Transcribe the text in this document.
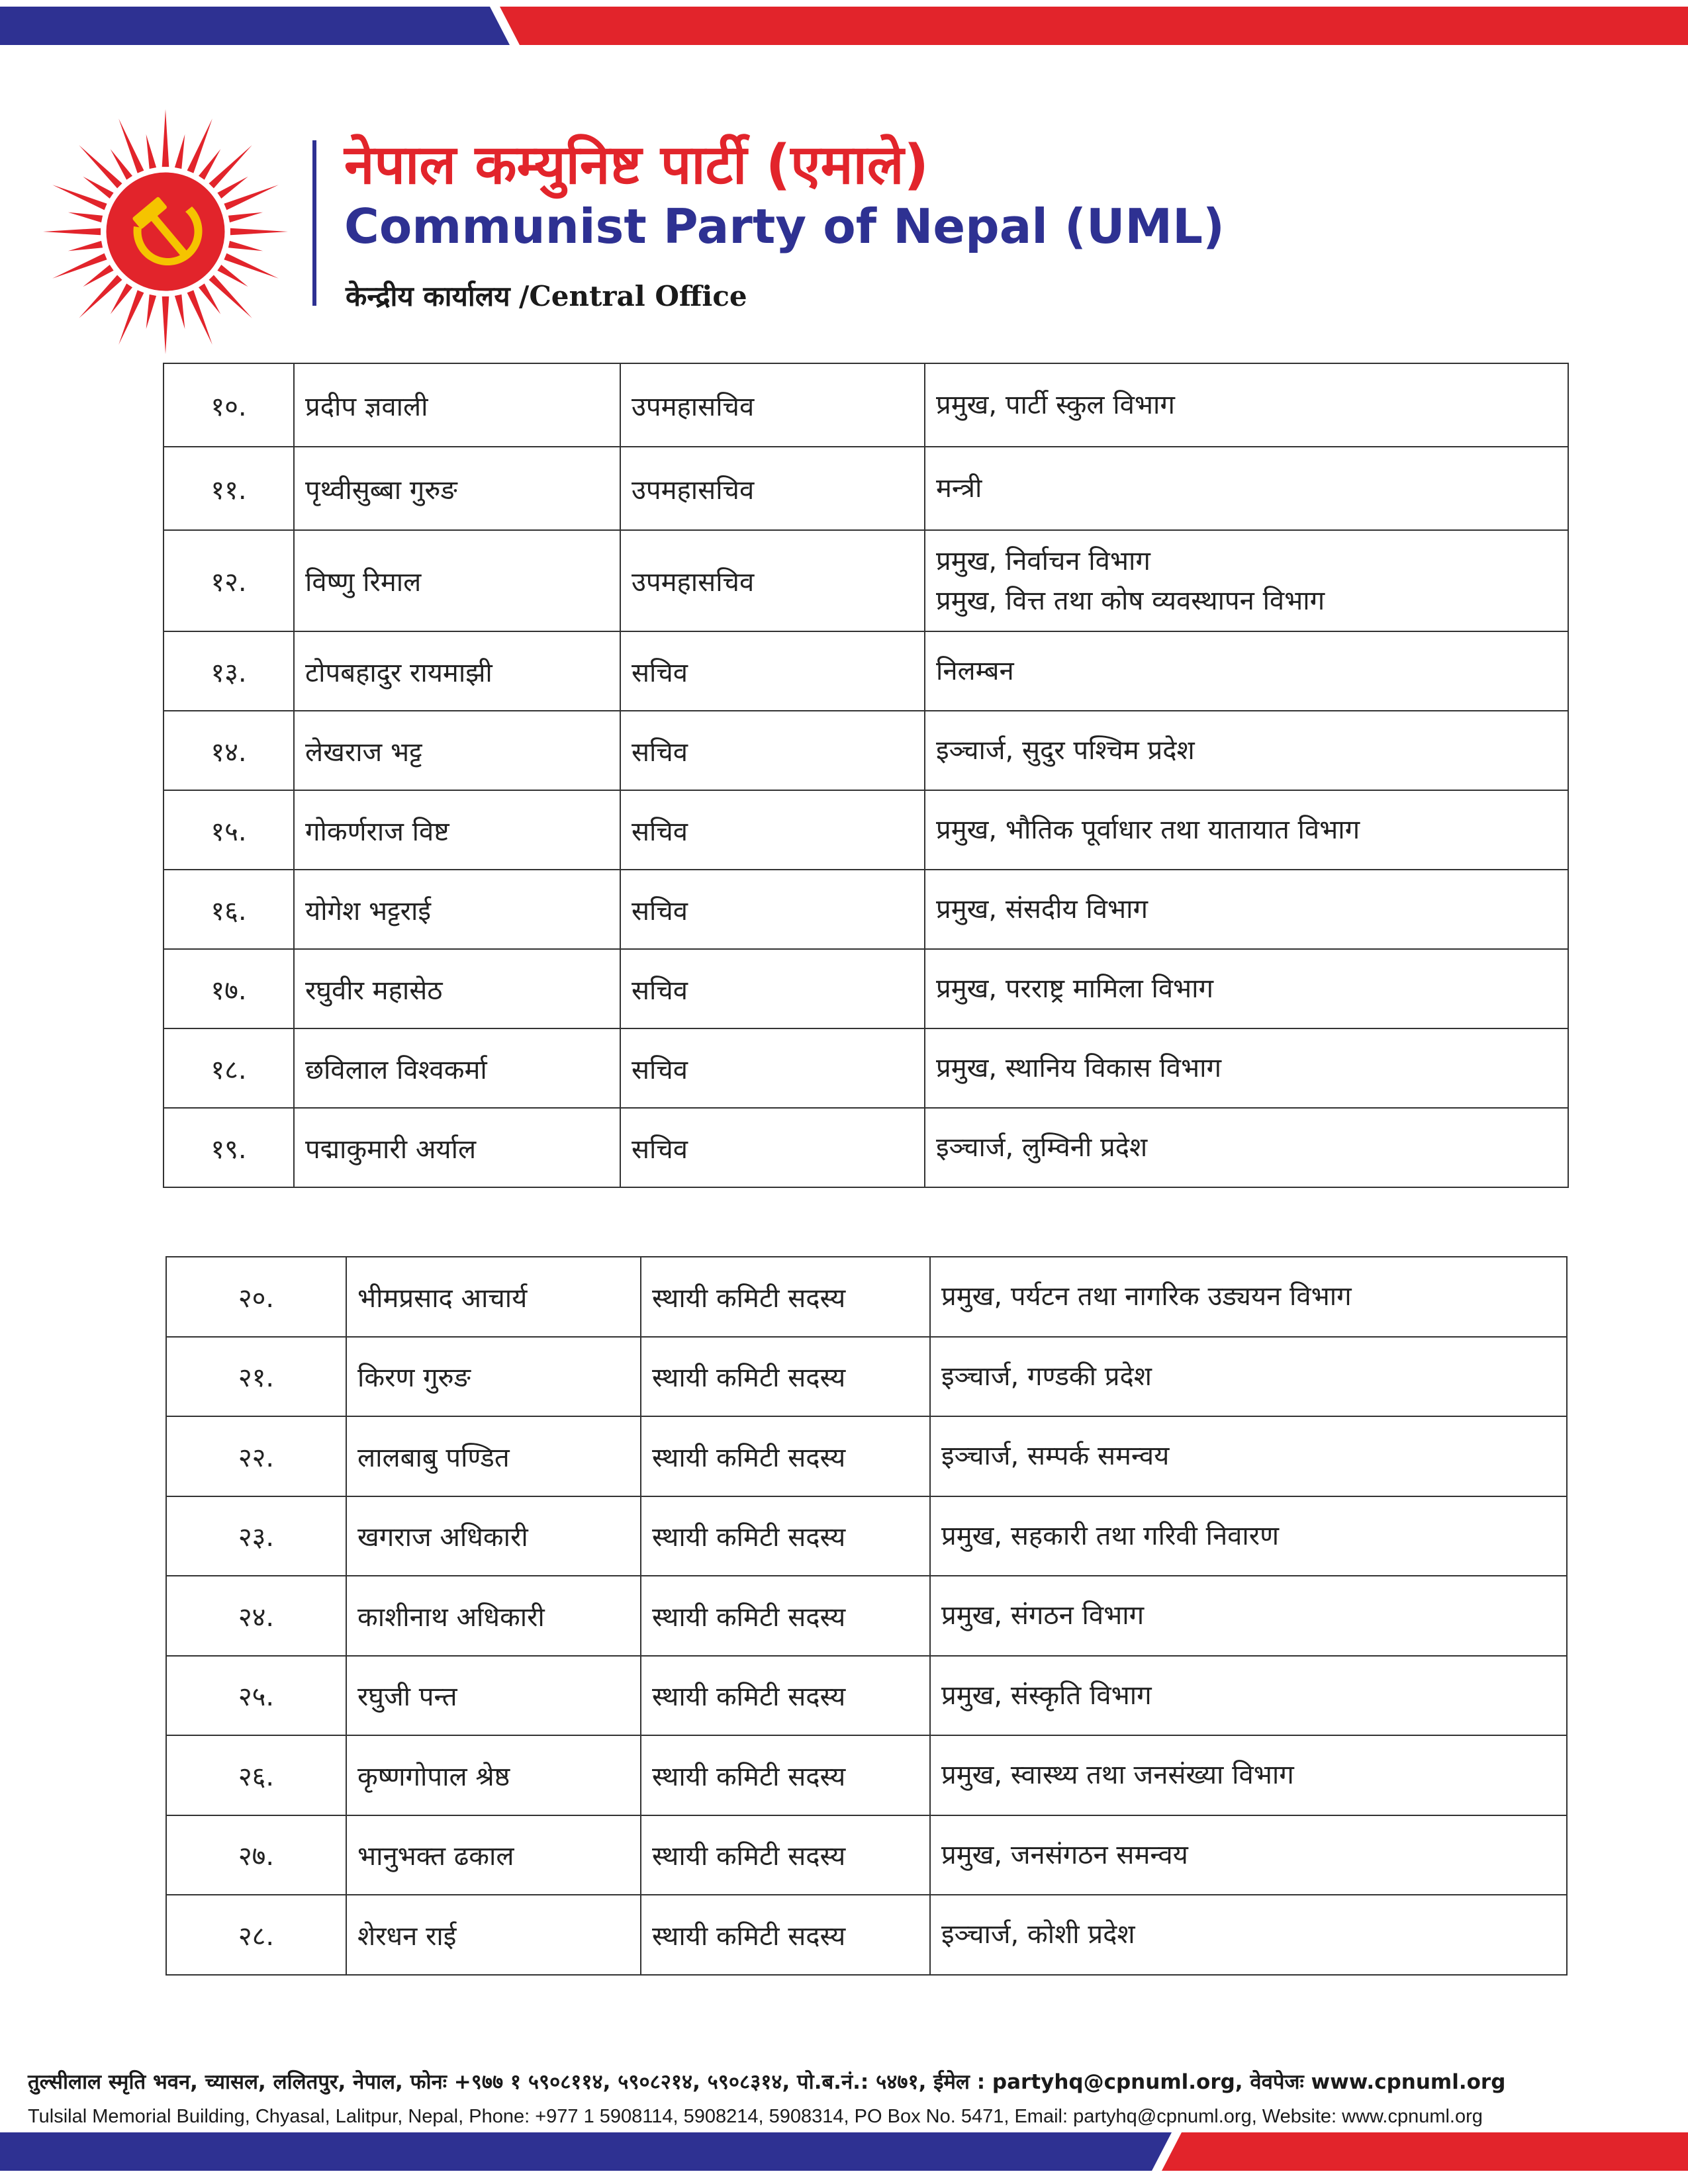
नेपाल कम्युनिष्ट पार्टी (एमाले)
Communist Party of Nepal (UML)
केन्द्रीय कार्यालय /Central Office
१०.	प्रदीप ज्ञवाली	उपमहासचिव	प्रमुख, पार्टी स्कुल विभाग

११.	पृथ्वीसुब्बा गुरुङ	उपमहासचिव	मन्त्री

१२.	विष्णु रिमाल	उपमहासचिव	प्रमुख, निर्वाचन विभाग
प्रमुख, वित्त तथा कोष व्यवस्थापन विभाग

१३.	टोपबहादुर रायमाझी	सचिव	निलम्बन

१४.	लेखराज भट्ट	सचिव	इञ्चार्ज, सुदुर पश्चिम प्रदेश

१५.	गोकर्णराज विष्ट	सचिव	प्रमुख, भौतिक पूर्वाधार तथा यातायात विभाग

१६.	योगेश भट्टराई	सचिव	प्रमुख, संसदीय विभाग

१७.	रघुवीर महासेठ	सचिव	प्रमुख, परराष्ट्र मामिला विभाग

१८.	छविलाल विश्वकर्मा	सचिव	प्रमुख, स्थानिय विकास विभाग

१९.	पद्माकुमारी अर्याल	सचिव	इञ्चार्ज, लुम्विनी प्रदेश
२०.	भीमप्रसाद आचार्य	स्थायी कमिटी सदस्य	प्रमुख, पर्यटन तथा नागरिक उड्ययन विभाग

२१.	किरण गुरुङ	स्थायी कमिटी सदस्य	इञ्चार्ज, गण्डकी प्रदेश

२२.	लालबाबु पण्डित	स्थायी कमिटी सदस्य	इञ्चार्ज, सम्पर्क समन्वय

२३.	खगराज अधिकारी	स्थायी कमिटी सदस्य	प्रमुख, सहकारी तथा गरिवी निवारण

२४.	काशीनाथ अधिकारी	स्थायी कमिटी सदस्य	प्रमुख, संगठन विभाग

२५.	रघुजी पन्त	स्थायी कमिटी सदस्य	प्रमुख, संस्कृति विभाग

२६.	कृष्णगोपाल श्रेष्ठ	स्थायी कमिटी सदस्य	प्रमुख, स्वास्थ्य तथा जनसंख्या विभाग

२७.	भानुभक्त ढकाल	स्थायी कमिटी सदस्य	प्रमुख, जनसंगठन समन्वय

२८.	शेरधन राई	स्थायी कमिटी सदस्य	इञ्चार्ज, कोशी प्रदेश
तुल्सीलाल स्मृति भवन, च्यासल, ललितपुर, नेपाल, फोनः +९७७ १ ५९०८११४, ५९०८२१४, ५९०८३१४, पो.ब.नं.: ५४७१, ईमेल : partyhq@cpnuml.org, वेवपेजः www.cpnuml.org
Tulsilal Memorial Building, Chyasal, Lalitpur, Nepal, Phone: +977 1 5908114, 5908214, 5908314, PO Box No. 5471, Email: partyhq@cpnuml.org, Website: www.cpnuml.org
